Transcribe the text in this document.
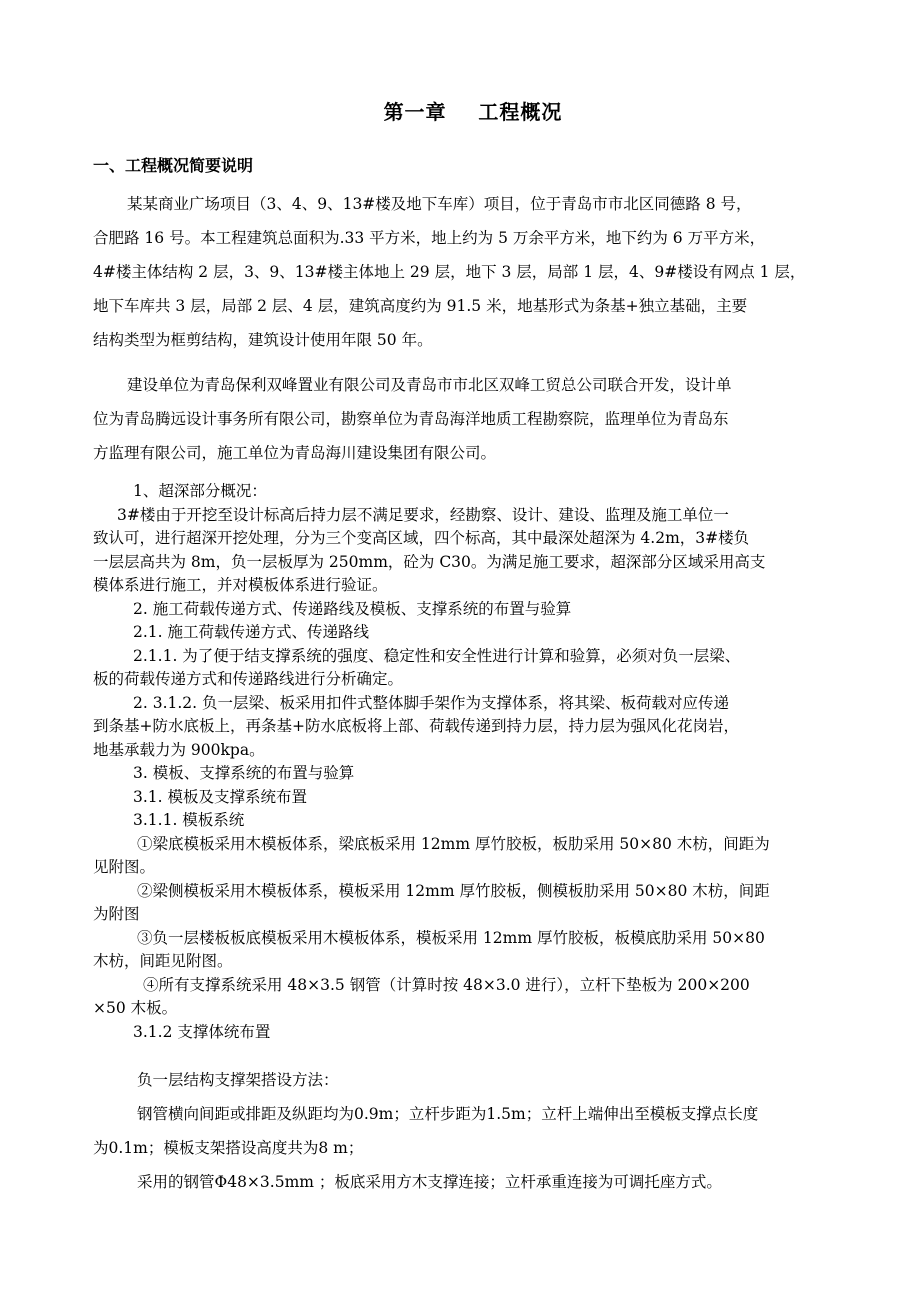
第一章    工程概况
一、工程概况简要说明
某某商业广场项目（3、4、9、13#楼及地下车库）项目，位于青岛市市北区同德路 8 号，
合肥路 16 号。本工程建筑总面积为.33 平方米，地上约为 5 万余平方米，地下约为 6 万平方米，
4#楼主体结构 2 层，3、9、13#楼主体地上 29 层，地下 3 层，局部 1 层，4、9#楼设有网点 1 层，
地下车库共 3 层，局部 2 层、4 层，建筑高度约为 91.5 米，地基形式为条基+独立基础，主要
结构类型为框剪结构，建筑设计使用年限 50 年。
建设单位为青岛保利双峰置业有限公司及青岛市市北区双峰工贸总公司联合开发，设计单
位为青岛腾远设计事务所有限公司，勘察单位为青岛海洋地质工程勘察院，监理单位为青岛东
方监理有限公司，施工单位为青岛海川建设集团有限公司。
1、超深部分概况：
3#楼由于开挖至设计标高后持力层不满足要求，经勘察、设计、建设、监理及施工单位一
致认可，进行超深开挖处理，分为三个变高区域，四个标高，其中最深处超深为 4.2m，3#楼负
一层层高共为 8m，负一层板厚为 250mm，砼为 C30。为满足施工要求，超深部分区域采用高支
模体系进行施工，并对模板体系进行验证。
2. 施工荷载传递方式、传递路线及模板、支撑系统的布置与验算
2.1. 施工荷载传递方式、传递路线
2.1.1. 为了便于结支撑系统的强度、稳定性和安全性进行计算和验算，必须对负一层梁、
板的荷载传递方式和传递路线进行分析确定。
2. 3.1.2. 负一层梁、板采用扣件式整体脚手架作为支撑体系，将其梁、板荷载对应传递
到条基+防水底板上，再条基+防水底板将上部、荷载传递到持力层，持力层为强风化花岗岩，
地基承载力为 900kpa。
3. 模板、支撑系统的布置与验算
3.1. 模板及支撑系统布置
3.1.1. 模板系统
①梁底模板采用木模板体系，梁底板采用 12mm 厚竹胶板，板肋采用 50×80 木枋，间距为
见附图。
②梁侧模板采用木模板体系，模板采用 12mm 厚竹胶板，侧模板肋采用 50×80 木枋，间距
为附图
③负一层楼板板底模板采用木模板体系，模板采用 12mm 厚竹胶板，板模底肋采用 50×80
木枋，间距见附图。
④所有支撑系统采用 48×3.5 钢管（计算时按 48×3.0 进行），立杆下垫板为 200×200
×50 木板。
3.1.2 支撑体统布置
负一层结构支撑架搭设方法：
钢管横向间距或排距及纵距均为0.9m；立杆步距为1.5m；立杆上端伸出至模板支撑点长度
为0.1m；模板支架搭设高度共为8 m；
采用的钢管Φ48×3.5mm ；板底采用方木支撑连接；立杆承重连接为可调托座方式。
